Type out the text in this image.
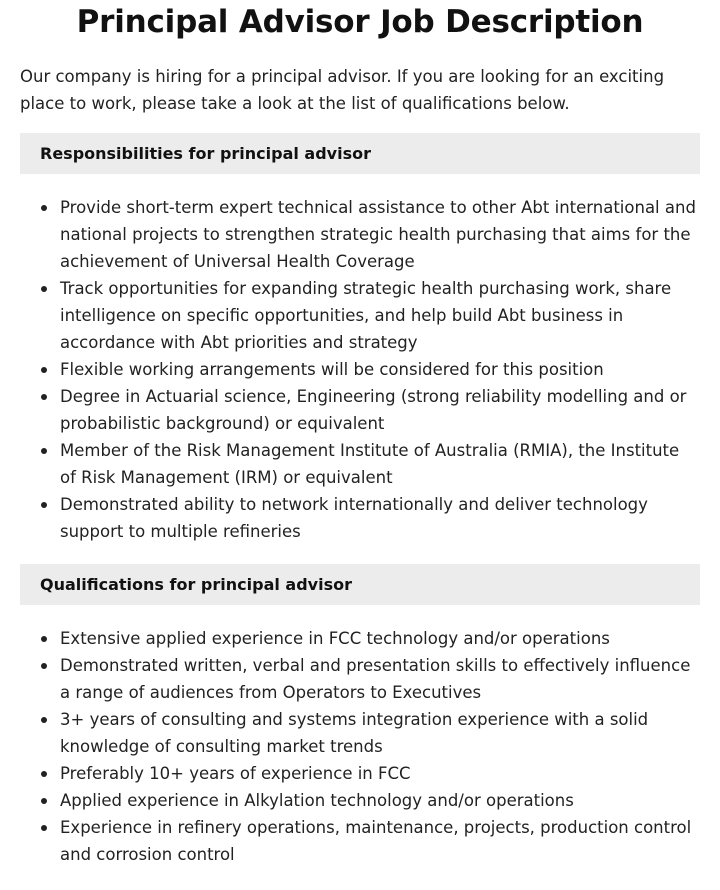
Principal Advisor Job Description

Our company is hiring for a principal advisor. If you are looking for an exciting place to work, please take a look at the list of qualifications below.

Responsibilities for principal advisor
Provide short-term expert technical assistance to other Abt international and national projects to strengthen strategic health purchasing that aims for the achievement of Universal Health Coverage
Track opportunities for expanding strategic health purchasing work, share intelligence on specific opportunities, and help build Abt business in accordance with Abt priorities and strategy
Flexible working arrangements will be considered for this position
Degree in Actuarial science, Engineering (strong reliability modelling and or probabilistic background) or equivalent
Member of the Risk Management Institute of Australia (RMIA), the Institute of Risk Management (IRM) or equivalent
Demonstrated ability to network internationally and deliver technology support to multiple refineries
Qualifications for principal advisor
Extensive applied experience in FCC technology and/or operations
Demonstrated written, verbal and presentation skills to effectively influence a range of audiences from Operators to Executives
3+ years of consulting and systems integration experience with a solid knowledge of consulting market trends
Preferably 10+ years of experience in FCC
Applied experience in Alkylation technology and/or operations
Experience in refinery operations, maintenance, projects, production control and corrosion control
